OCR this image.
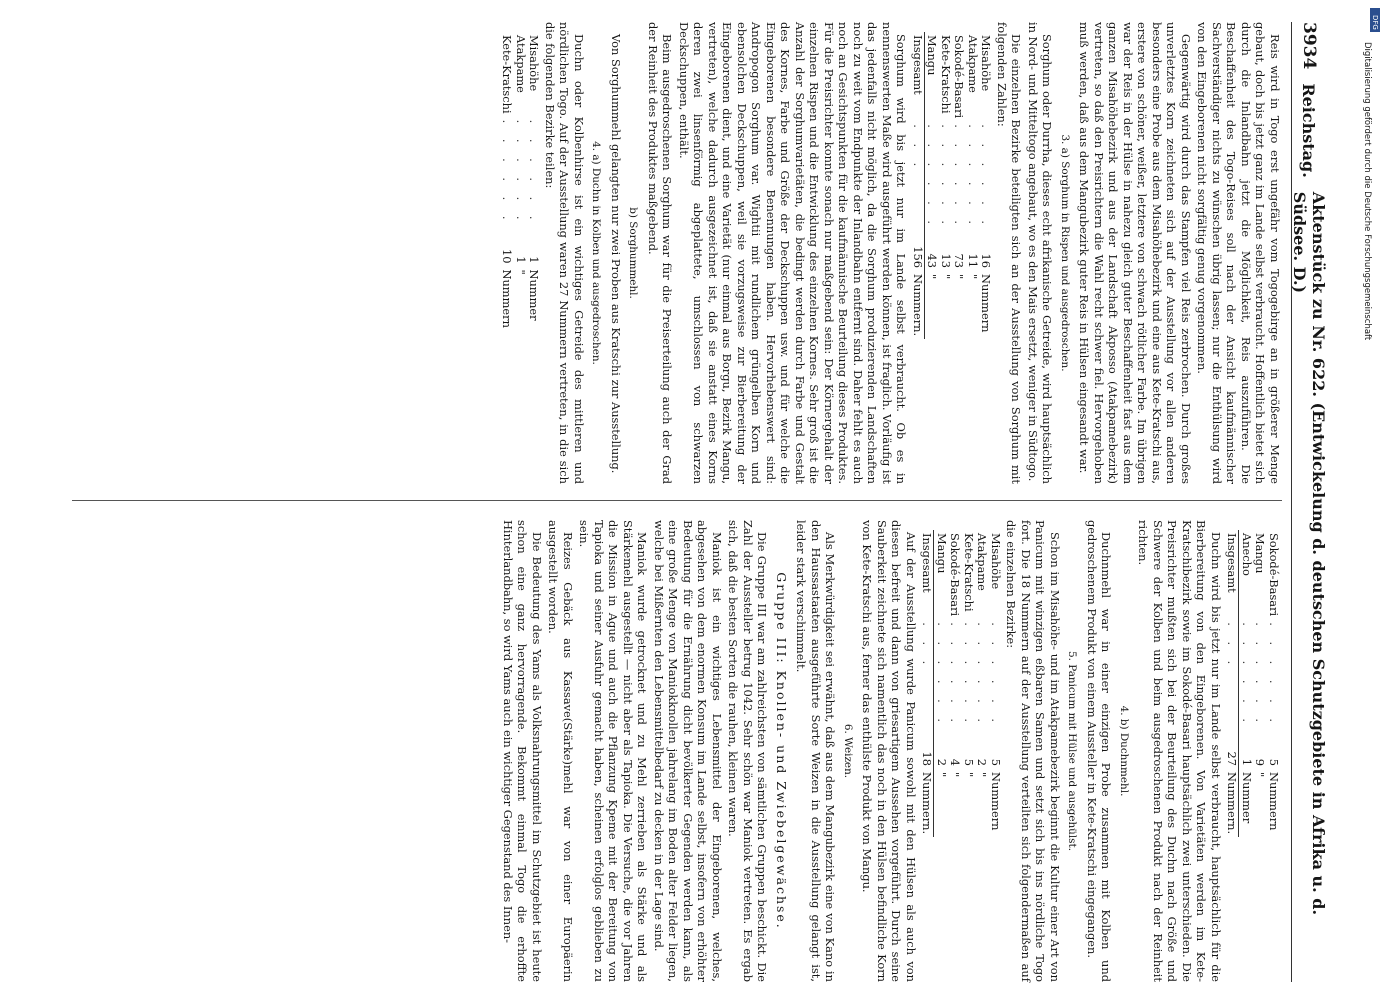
DFG
Digitalisierung gefördert durch die Deutsche Forschungsgemeinschaft
3934
Reichstag.
Aktenstück zu Nr. 622. (Entwickelung d. deutschen Schutzgebiete in Afrika u. d. Südsee. D.)

Reis wird in Togo erst ungefähr vom Togogebirge an in größerer Menge gebaut, doch bis jetzt ganz im Lande selbst verbraucht. Hoffentlich bietet sich durch die Inlandbahn jetzt die Möglichkeit, Reis auszuführen. Die Beschaffenheit des Togo-Reises soll nach der Ansicht kaufmännischer Sachverständiger nichts zu wünschen übrig lassen; nur die Enthülsung wird von den Eingeborenen nicht sorgfältig genug vorgenommen.

Gegenwärtig wird durch das Stampfen viel Reis zerbrochen. Durch großes unverletztes Korn zeichneten sich auf der Ausstellung vor allen anderen besonders eine Probe aus dem Misahöhebezirk und eine aus Kete-Kratschi aus, erstere von schöner, weißer, letztere von schwach rötlicher Farbe. Im übrigen war der Reis in der Hülse in nahezu gleich guter Beschaffenheit fast aus dem ganzen Misahöhebezirk und aus der Landschaft Akposso (Atakpamebezirk) vertreten, so daß den Preisrichtern die Wahl recht schwer fiel. Hervorgehoben muß werden, daß aus dem Mangubezirk guter Reis in Hülsen eingesandt war.

3. a) Sorghum in Rispen und ausgedroschen.

Sorghum oder Durrha, dieses echt afrikanische Getreide, wird hauptsächlich in Nord- und Mitteltogo angebaut, wo es den Mais ersetzt, weniger in Südtogo.

Die einzelnen Bezirke beteiligten sich an der Ausstellung von Sorghum mit folgenden Zahlen:

Misahöhe	. . . . . .	16	Nummern
Atakpame	. . . . . .	11	"
Sokodé-Basari	. . . . . .	73	"
Kete-Kratschi	. . . . . .	13	"
Mangu	. . . . . .	43	"
Insgesamt	. . .	156	Nummern.

Sorghum wird bis jetzt nur im Lande selbst verbraucht. Ob es in nennenswerten Maße wird ausgeführt werden können, ist fraglich. Vorläufig ist das jedenfalls nicht möglich, da die Sorghum produzierenden Landschaften noch zu weit vom Endpunkte der Inlandbahn entfernt sind. Daher fehlt es auch noch an Gesichtspunkten für die kaufmännische Beurteilung dieses Produktes. Für die Preisrichter konnte sonach nur maßgebend sein: Der Körnergehalt der einzelnen Rispen und die Entwicklung des einzelnen Kornes. Sehr groß ist die Anzahl der Sorghumvarietäten, die bedingt werden durch Farbe und Gestalt des Kornes, Farbe und Größe der Deckschuppen usw. und für welche die Eingeborenen besondere Benennungen haben. Hervorhebenswert sind: Andropogon Sorghum var. Wightii mit rundlichem grüngelben Korn und ebensolchen Deckschuppen, weil sie vorzugsweise zur Bierbereitung der Eingeborenen dient, und eine Varietät (nur einmal aus Borgu, Bezirk Mangu, vertreten), welche dadurch ausgezeichnet ist, daß sie anstatt eines Korns deren zwei linsenförmig abgeplattete, umschlossen von schwarzen Deckschuppen, enthält.

Beim ausgedroschenen Sorghum war für die Preiserteilung auch der Grad der Reinheit des Produktes maßgebend.

b) Sorghummehl.

Von Sorghummehl gelangten nur zwei Proben aus Kratschi zur Ausstellung.

4. a) Duchn in Kolben und ausgedroschen.

Duchn oder Kolbenhirse ist ein wichtiges Getreide des mittleren und nördlichen Togo. Auf der Ausstellung waren 27 Nummern vertreten, in die sich die folgenden Bezirke teilen:

Misahöhe	. . . . . .	1	Nummer
Atakpame	. . . . . .	1	"
Kete-Kratschi	. . . . . .	10	Nummern
Sokodé-Basari	. . . . . .	5	Nummern
Mangu	. . . . . .	9	"
Anecho	. . . . . .	1	Nummer
Insgesamt	. . .	27	Nummern.

Duchn wird bis jetzt nur im Lande selbst verbraucht, hauptsächlich für die Bierbereitung von den Eingeborenen. Von Varietäten werden im Kete-Kratschibezirk sowie im Sokodé-Basari hauptsächlich zwei unterschieden. Die Preisrichter mußten sich bei der Beurteilung des Duchn nach Größe und Schwere der Kolben und beim ausgedroschenen Produkt nach der Reinheit richten.

4. b) Duchnmehl.

Duchnmehl war in einer einzigen Probe zusammen mit Kolben und gedroschenem Produkt von einem Aussteller in Kete-Kratschi eingegangen.

5. Panicum mit Hülse und ausgehülst.

Schon im Misahöhe- und im Atakpamebezirk beginnt die Kultur einer Art von Panicum mit winzigen eßbaren Samen und setzt sich bis ins nördliche Togo fort. Die 18 Nummern auf der Ausstellung verteilten sich folgendermaßen auf die einzelnen Bezirke:

Misahöhe	. . . . . .	5	Nummern
Atakpame	. . . . . .	2	"
Kete-Kratschi	. . . . . .	5	"
Sokodé-Basari	. . . . . .	4	"
Mangu	. . . . . .	2	"
Insgesamt	. . .	18	Nummern.

Auf der Ausstellung wurde Panicum sowohl mit den Hülsen als auch von diesen befreit und dann von griesartigem Aussehen vorgeführt. Durch seine Sauberkeit zeichnete sich namentlich das noch in den Hülsen befindliche Korn von Kete-Kratschi aus, ferner das enthülste Produkt von Mangu.

6. Weizen.

Als Merkwürdigkeit sei erwähnt, daß aus dem Mangubezirk eine von Kano in den Haussastaaten ausgeführte Sorte Weizen in die Ausstellung gelangt ist, leider stark verschimmelt.

Gruppe III: Knollen- und Zwiebelgewächse.

Die Gruppe III war am zahlreichsten von sämtlichen Gruppen beschickt. Die Zahl der Aussteller betrug 1042. Sehr schön war Maniok vertreten. Es ergab sich, daß die besten Sorten die rauhen, kleinen waren.

Maniok ist ein wichtiges Lebensmittel der Eingeborenen, welches, abgesehen von dem enormen Konsum im Lande selbst, insofern von erhöhter Bedeutung für die Ernährung dicht bevölkerter Gegenden werden kann, als eine große Menge von Maniokknollen jahrelang im Boden alter Felder liegen, welche bei Mißernten den Lebensmittelbedarf zu decken in der Lage sind.

Maniok wurde getrocknet und zu Mehl zerrieben als Stärke und als Stärkemehl ausgestellt — nicht aber als Tapioka. Die Versuche, die vor Jahren die Mission in Ague und auch die Pflanzung Kpeme mit der Bereitung von Tapioka und seiner Ausfuhr gemacht haben, scheinen erfolglos geblieben zu sein.

Reizes Gebäck aus Kassave(Stärke)mehl war von einer Europäerin ausgestellt worden.

Die Bedeutung des Yams als Volksnahrungsmittel im Schutzgebiet ist heute schon eine ganz hervorragende. Bekommt einmal Togo die erhoffte Hinterlandbahn, so wird Yams auch ein wichtiger Gegenstand des Innen-
